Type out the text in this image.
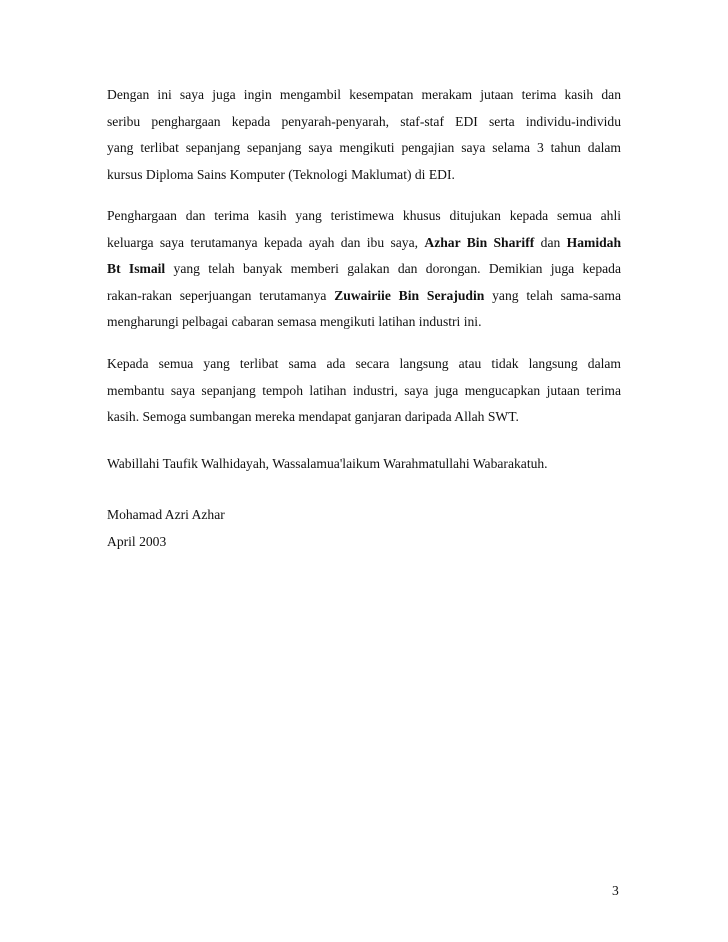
Dengan ini saya juga ingin mengambil kesempatan merakam jutaan terima kasih dan
seribu penghargaan kepada penyarah-penyarah, staf-staf EDI serta individu-individu
yang terlibat sepanjang sepanjang saya mengikuti pengajian saya selama 3 tahun dalam
kursus Diploma Sains Komputer (Teknologi Maklumat) di EDI.
Penghargaan dan terima kasih yang teristimewa khusus ditujukan kepada semua ahli
keluarga saya terutamanya kepada ayah dan ibu saya, Azhar Bin Shariff dan Hamidah
Bt Ismail yang telah banyak memberi galakan dan dorongan. Demikian juga kepada
rakan-rakan seperjuangan terutamanya Zuwairiie Bin Serajudin yang telah sama-sama
mengharungi pelbagai cabaran semasa mengikuti latihan industri ini.
Kepada semua yang terlibat sama ada secara langsung atau tidak langsung dalam
membantu saya sepanjang tempoh latihan industri, saya juga mengucapkan jutaan terima
kasih. Semoga sumbangan mereka mendapat ganjaran daripada Allah SWT.
Wabillahi Taufik Walhidayah, Wassalamua'laikum Warahmatullahi Wabarakatuh.
Mohamad Azri Azhar
April 2003
3
